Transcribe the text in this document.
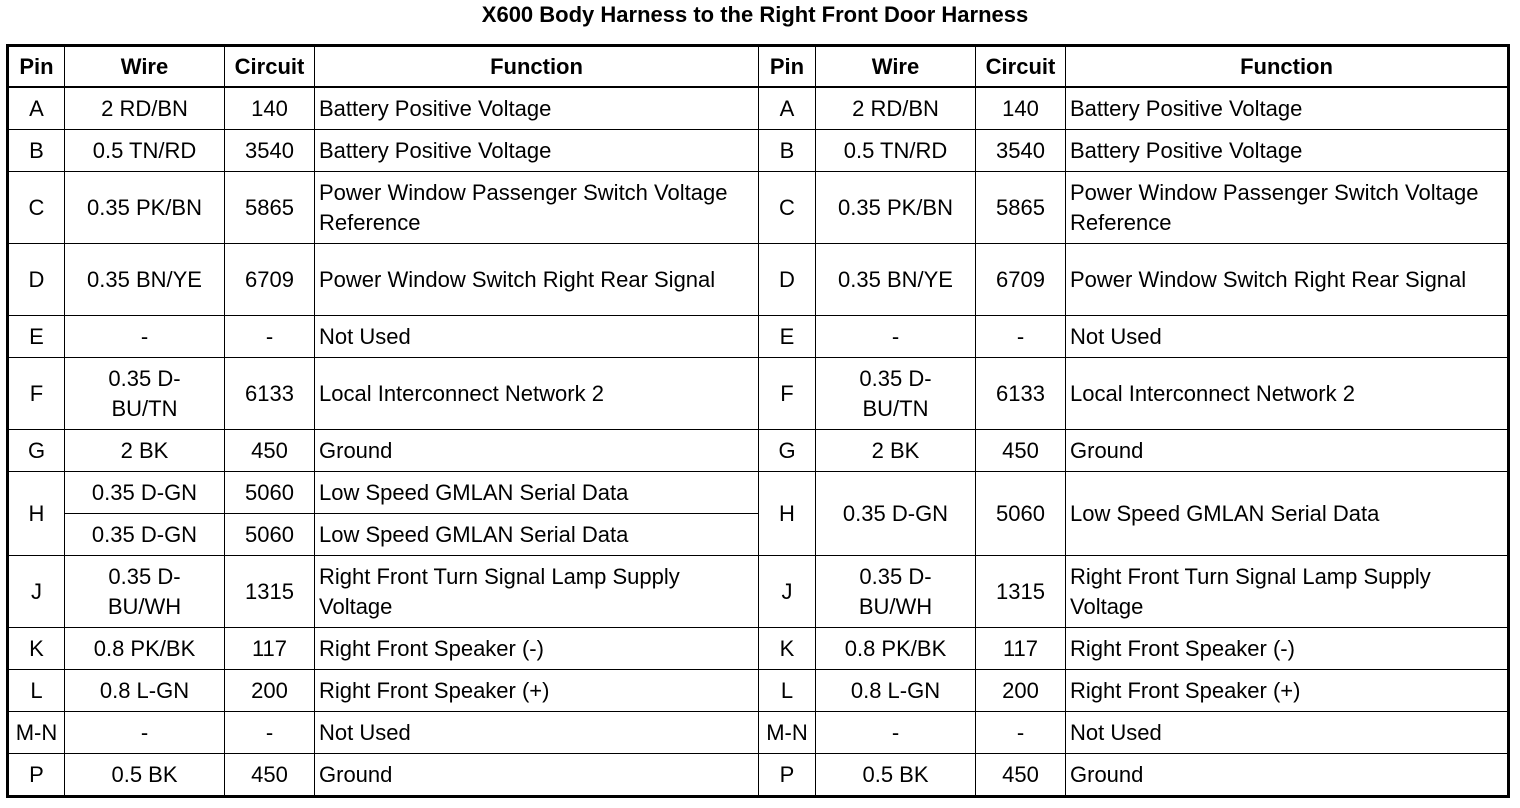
X600 Body Harness to the Right Front Door Harness
Pin	Wire	Circuit	Function	Pin	Wire	Circuit	Function
A	2 RD/BN	140	Battery Positive Voltage	A	2 RD/BN	140	Battery Positive Voltage
B	0.5 TN/RD	3540	Battery Positive Voltage	B	0.5 TN/RD	3540	Battery Positive Voltage
C	0.35 PK/BN	5865	Power Window Passenger Switch Voltage Reference	C	0.35 PK/BN	5865	Power Window Passenger Switch Voltage Reference
D	0.35 BN/YE	6709	Power Window Switch Right Rear Signal	D	0.35 BN/YE	6709	Power Window Switch Right Rear Signal
E	-	-	Not Used	E	-	-	Not Used
F	0.35 D-BU/TN	6133	Local Interconnect Network 2	F	0.35 D-BU/TN	6133	Local Interconnect Network 2
G	2 BK	450	Ground	G	2 BK	450	Ground
H	0.35 D-GN	5060	Low Speed GMLAN Serial Data	H	0.35 D-GN	5060	Low Speed GMLAN Serial Data
	0.35 D-GN	5060	Low Speed GMLAN Serial Data				
J	0.35 D-BU/WH	1315	Right Front Turn Signal Lamp Supply Voltage	J	0.35 D-BU/WH	1315	Right Front Turn Signal Lamp Supply Voltage
K	0.8 PK/BK	117	Right Front Speaker (-)	K	0.8 PK/BK	117	Right Front Speaker (-)
L	0.8 L-GN	200	Right Front Speaker (+)	L	0.8 L-GN	200	Right Front Speaker (+)
M-N	-	-	Not Used	M-N	-	-	Not Used
P	0.5 BK	450	Ground	P	0.5 BK	450	Ground
